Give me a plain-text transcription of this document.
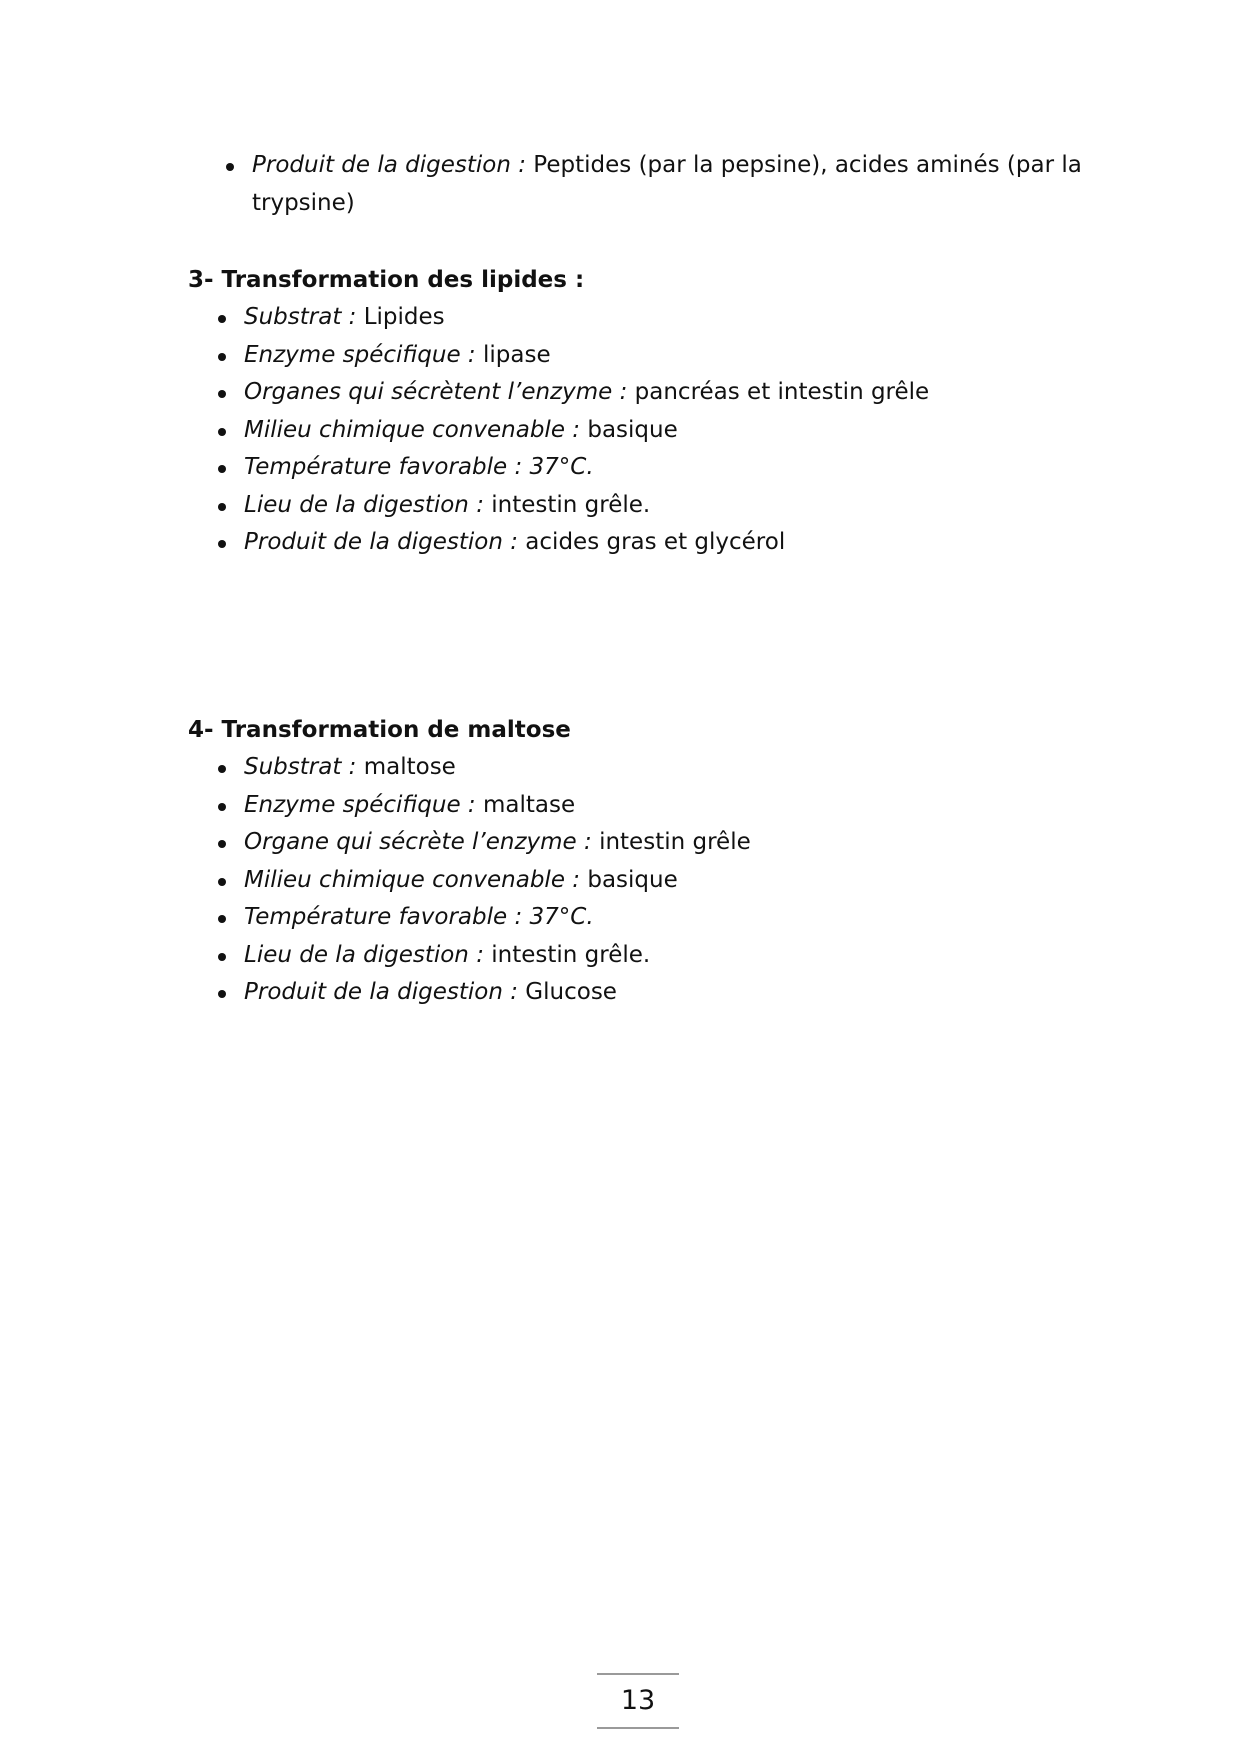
Produit de la digestion : Peptides (par la pepsine), acides aminés (par la trypsine)
3- Transformation des lipides :
Substrat : Lipides
Enzyme spécifique : lipase
Organes qui sécrètent l’enzyme : pancréas et intestin grêle
Milieu chimique convenable : basique
Température favorable : 37°C.
Lieu de la digestion : intestin grêle.
Produit de la digestion : acides gras et glycérol
4- Transformation de maltose
Substrat : maltose
Enzyme spécifique : maltase
Organe qui sécrète l’enzyme : intestin grêle
Milieu chimique convenable : basique
Température favorable : 37°C.
Lieu de la digestion : intestin grêle.
Produit de la digestion : Glucose
13
